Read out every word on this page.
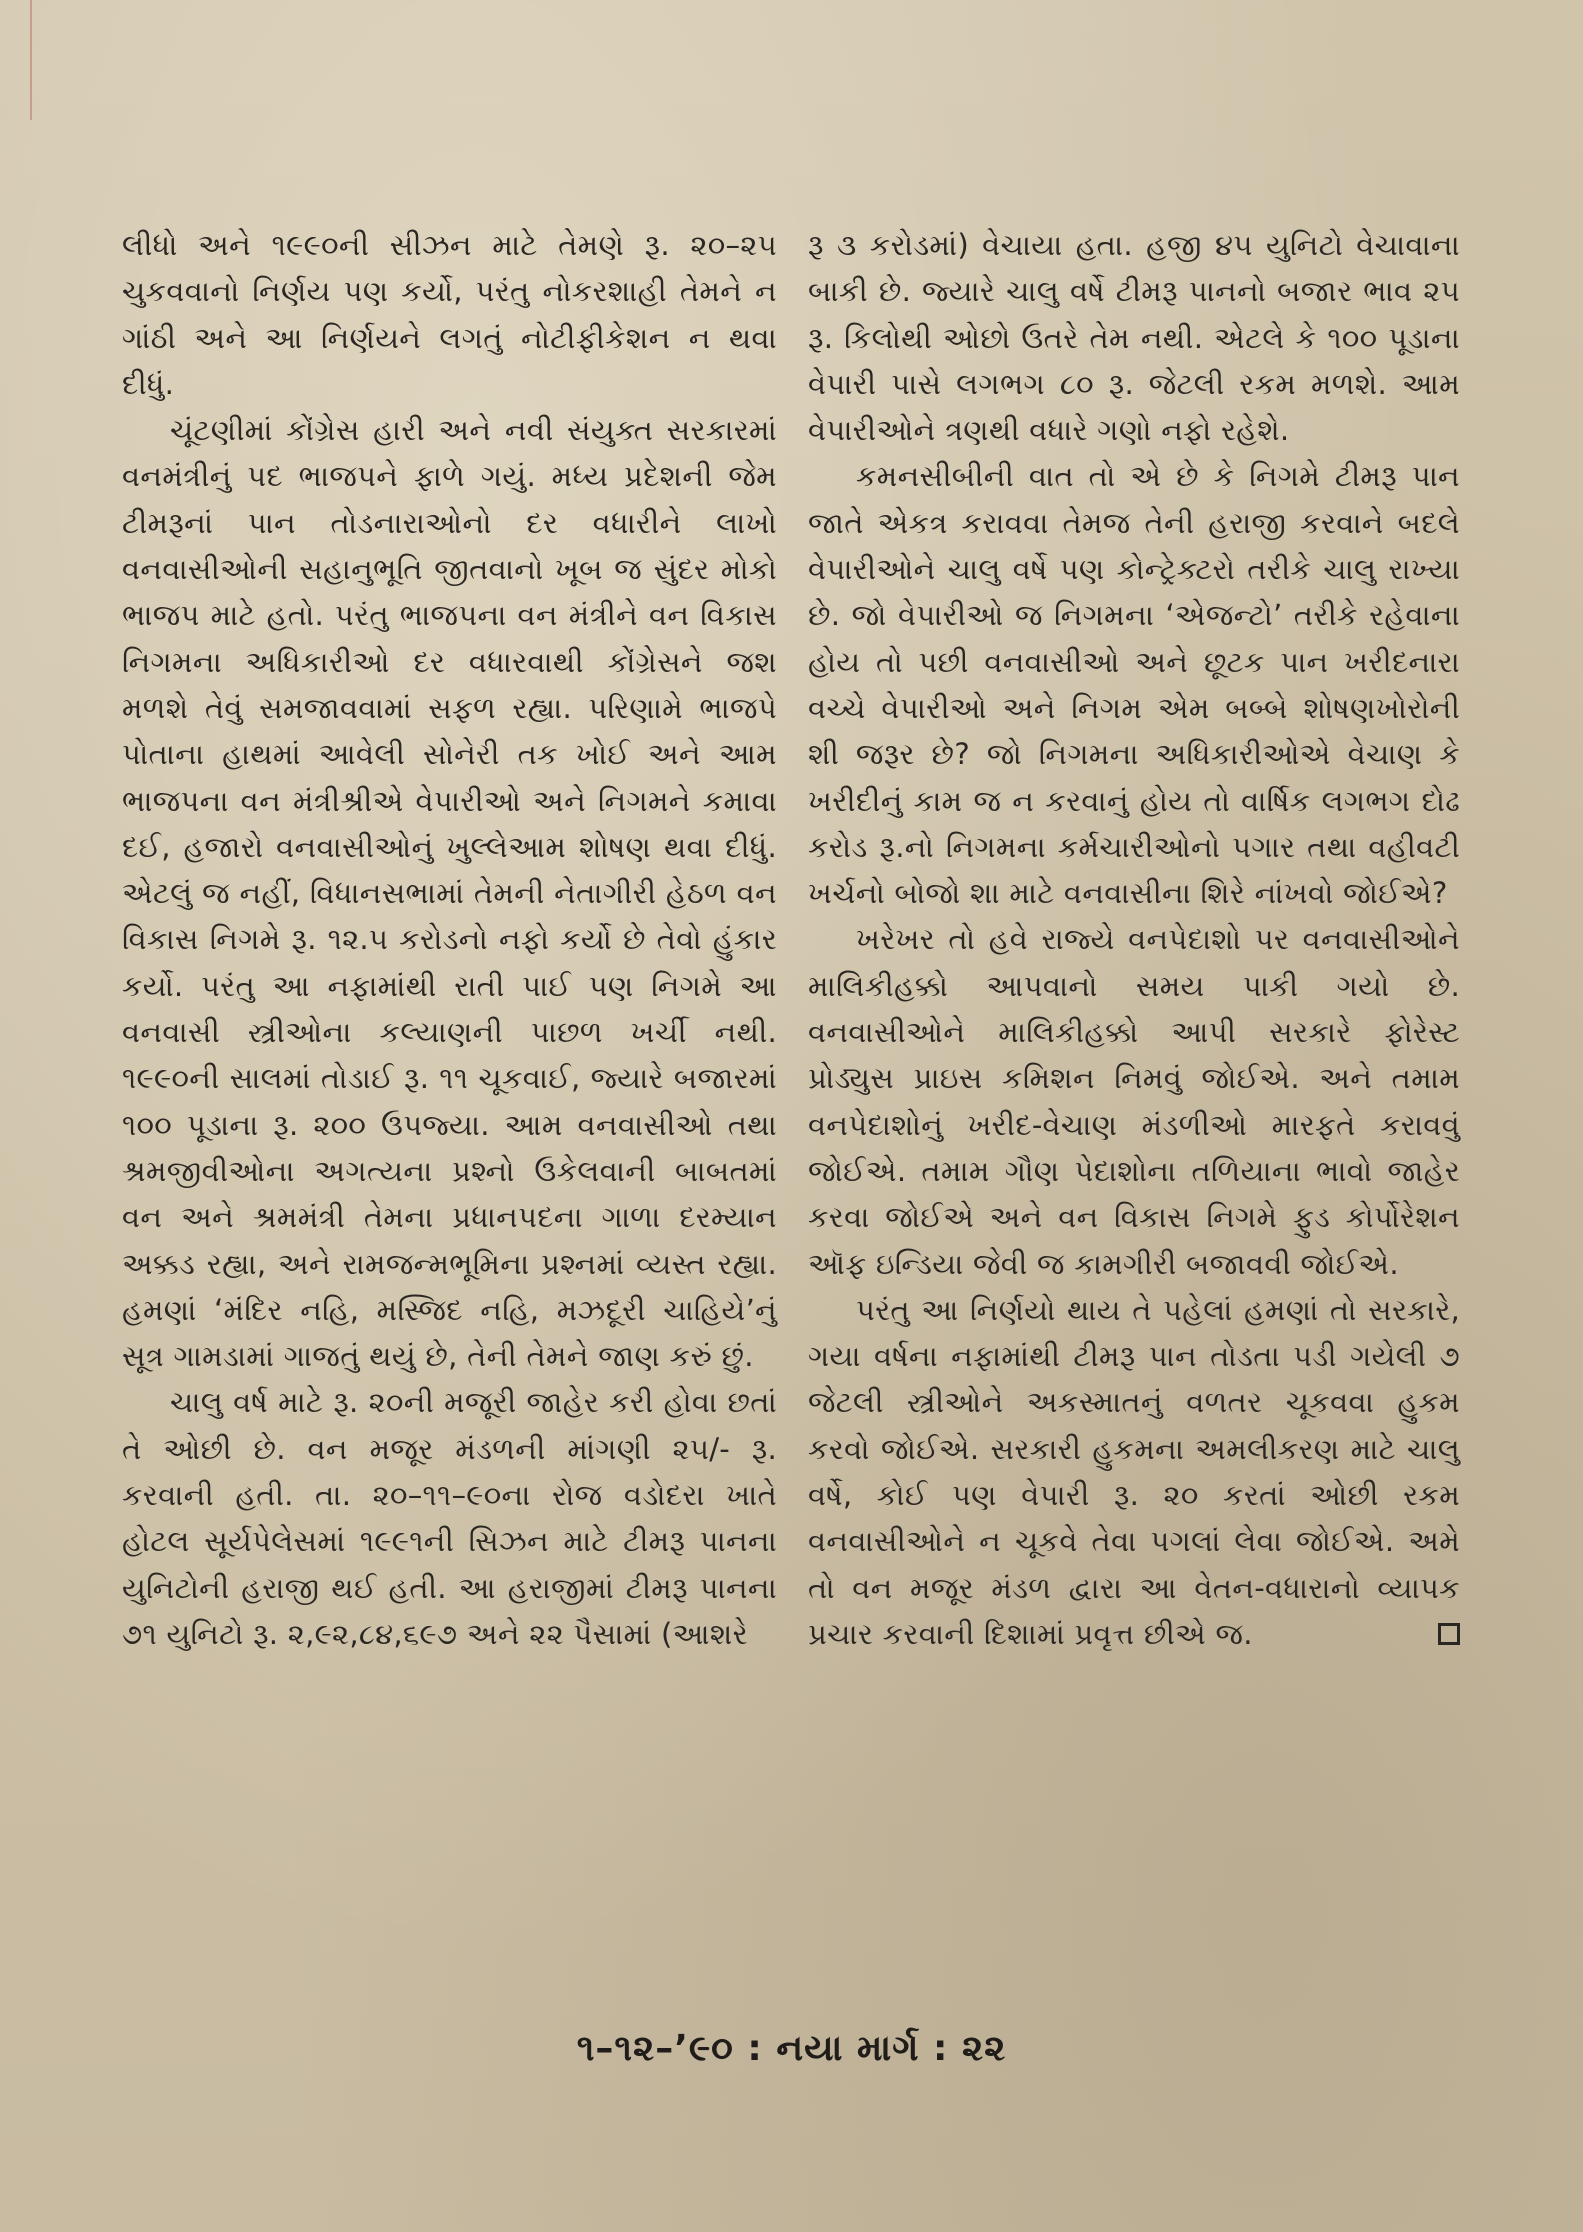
લીધો અને ૧૯૯૦ની સીઝન માટે તેમણે રૂ. ૨૦–૨૫ ચુકવવાનો નિર્ણય પણ કર્યો, પરંતુ નોકરશાહી તેમને ન ગાંઠી અને આ નિર્ણયને લગતું નોટીફીકેશન ન થવા દીધું.

ચૂંટણીમાં કોંગ્રેસ હારી અને નવી સંયુક્ત સરકારમાં વનમંત્રીનું પદ ભાજપને ફાળે ગયું. મધ્ય પ્રદેશની જેમ ટીમરૂનાં પાન તોડનારાઓનો દર વધારીને લાખો વનવાસીઓની સહાનુભૂતિ જીતવાનો ખૂબ જ સુંદર મોકો ભાજપ માટે હતો. પરંતુ ભાજપના વન મંત્રીને વન વિકાસ નિગમના અધિકારીઓ દર વધારવાથી કોંગ્રેસને જશ મળશે તેવું સમજાવવામાં સફળ રહ્યા. પરિણામે ભાજપે પોતાના હાથમાં આવેલી સોનેરી તક ખોઈ અને આમ ભાજપના વન મંત્રીશ્રીએ વેપારીઓ અને નિગમને કમાવા દઈ, હજારો વનવાસીઓનું ખુલ્લેઆમ શોષણ થવા દીધું. એટલું જ નહીં, વિધાનસભામાં તેમની નેતાગીરી હેઠળ વન વિકાસ નિગમે રૂ. ૧૨.૫ કરોડનો નફો કર્યો છે તેવો હુંકાર કર્યો. પરંતુ આ નફામાંથી રાતી પાઈ પણ નિગમે આ વનવાસી સ્ત્રીઓના કલ્યાણની પાછળ ખર્ચી નથી. ૧૯૯૦ની સાલમાં તોડાઈ રૂ. ૧૧ ચૂકવાઈ, જ્યારે બજારમાં ૧૦૦ પૂડાના રૂ. ૨૦૦ ઉપજ્યા. આમ વનવાસીઓ તથા શ્રમજીવીઓના અગત્યના પ્રશ્નો ઉકેલવાની બાબતમાં વન અને શ્રમમંત્રી તેમના પ્રધાનપદના ગાળા દરમ્યાન અક્કડ રહ્યા, અને રામજન્મભૂમિના પ્રશ્નમાં વ્યસ્ત રહ્યા. હમણાં ‘મંદિર નહિ, મસ્જિદ નહિ, મઝદૂરી ચાહિયે’નું સૂત્ર ગામડામાં ગાજતું થયું છે, તેની તેમને જાણ કરું છું.

ચાલુ વર્ષ માટે રૂ. ૨૦ની મજૂરી જાહેર કરી હોવા છતાં તે ઓછી છે. વન મજૂર મંડળની માંગણી ૨૫/- રૂ. કરવાની હતી. તા. ૨૦–૧૧–૯૦ના રોજ વડોદરા ખાતે હોટલ સૂર્યપેલેસમાં ૧૯૯૧ની સિઝન માટે ટીમરૂ પાનના યુનિટોની હરાજી થઈ હતી. આ હરાજીમાં ટીમરૂ પાનના ૭૧ યુનિટો રૂ. ૨,૯૨,૮૪,૬૯૭ અને ૨૨ પૈસામાં (આશરે

રૂ ૩ કરોડમાં) વેચાયા હતા. હજી ૪૫ યુનિટો વેચાવાના બાકી છે. જ્યારે ચાલુ વર્ષે ટીમરૂ પાનનો બજાર ભાવ ૨૫ રૂ. કિલોથી ઓછો ઉતરે તેમ નથી. એટલે કે ૧૦૦ પૂડાના વેપારી પાસે લગભગ ૮૦ રૂ. જેટલી રકમ મળશે. આમ વેપારીઓને ત્રણથી વધારે ગણો નફો રહેશે.

કમનસીબીની વાત તો એ છે કે નિગમે ટીમરૂ પાન જાતે એકત્ર કરાવવા તેમજ તેની હરાજી કરવાને બદલે વેપારીઓને ચાલુ વર્ષે પણ કોન્ટ્રેક્ટરો તરીકે ચાલુ રાખ્યા છે. જો વેપારીઓ જ નિગમના ‘એજન્ટો’ તરીકે રહેવાના હોય તો પછી વનવાસીઓ અને છૂટક પાન ખરીદનારા વચ્ચે વેપારીઓ અને નિગમ એમ બબ્બે શોષણખોરોની શી જરૂર છે? જો નિગમના અધિકારીઓએ વેચાણ કે ખરીદીનું કામ જ ન કરવાનું હોય તો વાર્ષિક લગભગ દોઢ કરોડ રૂ.નો નિગમના કર્મચારીઓનો પગાર તથા વહીવટી ખર્ચનો બોજો શા માટે વનવાસીના શિરે નાંખવો જોઈએ?

ખરેખર તો હવે રાજ્યે વનપેદાશો પર વનવાસીઓને માલિકીહક્કો આપવાનો સમય પાકી ગયો છે. વનવાસીઓને માલિકીહક્કો આપી સરકારે ફોરેસ્ટ પ્રોડ્યુસ પ્રાઇસ કમિશન નિમવું જોઈએ. અને તમામ વનપેદાશોનું ખરીદ-વેચાણ મંડળીઓ મારફતે કરાવવું જોઈએ. તમામ ગૌણ પેદાશોના તળિયાના ભાવો જાહેર કરવા જોઈએ અને વન વિકાસ નિગમે ફુડ કોર્પોરેશન ઑફ ઇન્ડિયા જેવી જ કામગીરી બજાવવી જોઈએ.

પરંતુ આ નિર્ણયો થાય તે પહેલાં હમણાં તો સરકારે, ગયા વર્ષના નફામાંથી ટીમરૂ પાન તોડતા પડી ગયેલી ૭ જેટલી સ્ત્રીઓને અકસ્માતનું વળતર ચૂકવવા હુકમ કરવો જોઈએ. સરકારી હુકમના અમલીકરણ માટે ચાલુ વર્ષે, કોઈ પણ વેપારી રૂ. ૨૦ કરતાં ઓછી રકમ વનવાસીઓને ન ચૂકવે તેવા પગલાં લેવા જોઈએ. અમે તો વન મજૂર મંડળ દ્વારા આ વેતન-વધારાનો વ્યાપક પ્રચાર કરવાની દિશામાં પ્રવૃત્ત છીએ જ.

૧–૧૨–’૯૦ : નયા માર્ગ : ૨૨
